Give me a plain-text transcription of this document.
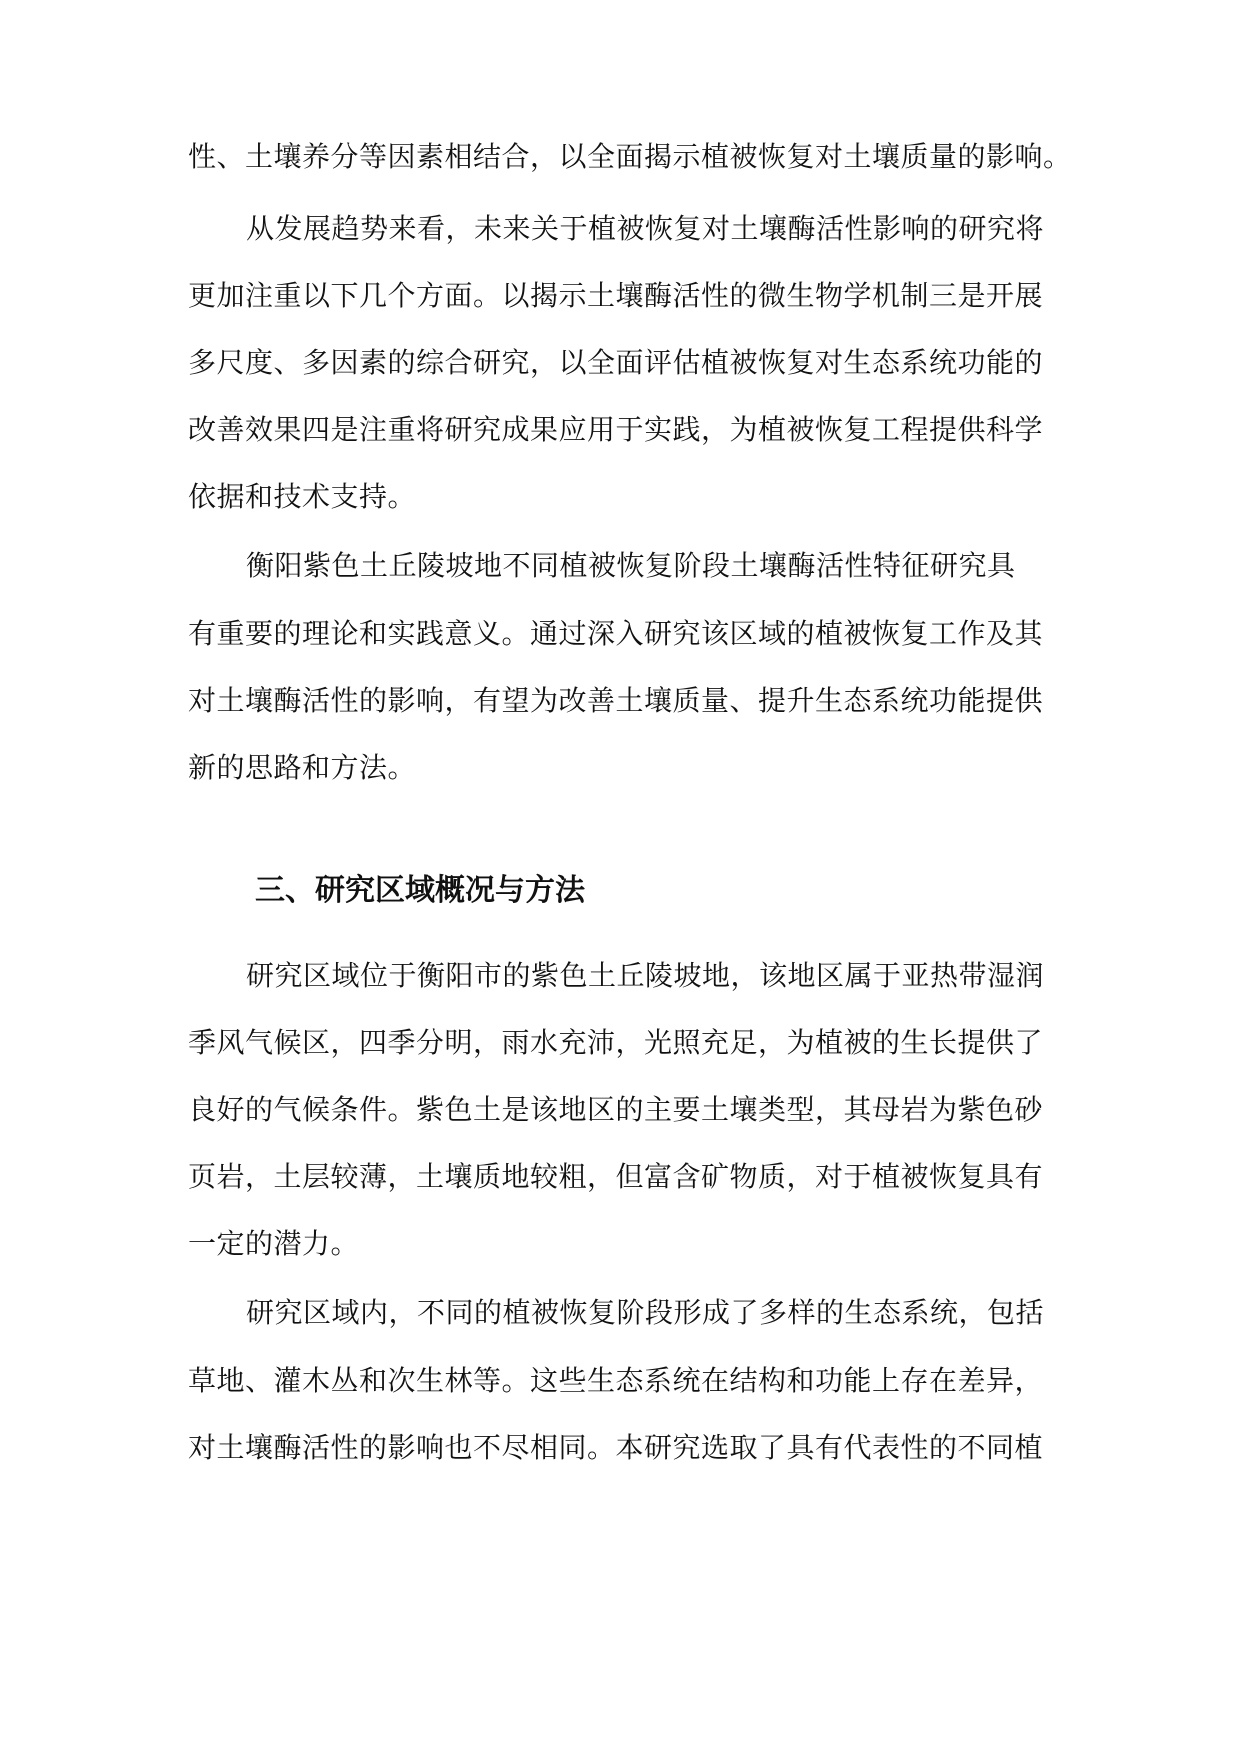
性、土壤养分等因素相结合，以全面揭示植被恢复对土壤质量的影响。
从发展趋势来看，未来关于植被恢复对土壤酶活性影响的研究将
更加注重以下几个方面。以揭示土壤酶活性的微生物学机制三是开展
多尺度、多因素的综合研究，以全面评估植被恢复对生态系统功能的
改善效果四是注重将研究成果应用于实践，为植被恢复工程提供科学
依据和技术支持。
衡阳紫色土丘陵坡地不同植被恢复阶段土壤酶活性特征研究具
有重要的理论和实践意义。通过深入研究该区域的植被恢复工作及其
对土壤酶活性的影响，有望为改善土壤质量、提升生态系统功能提供
新的思路和方法。
三、研究区域概况与方法
研究区域位于衡阳市的紫色土丘陵坡地，该地区属于亚热带湿润
季风气候区，四季分明，雨水充沛，光照充足，为植被的生长提供了
良好的气候条件。紫色土是该地区的主要土壤类型，其母岩为紫色砂
页岩，土层较薄，土壤质地较粗，但富含矿物质，对于植被恢复具有
一定的潜力。
研究区域内，不同的植被恢复阶段形成了多样的生态系统，包括
草地、灌木丛和次生林等。这些生态系统在结构和功能上存在差异，
对土壤酶活性的影响也不尽相同。本研究选取了具有代表性的不同植
